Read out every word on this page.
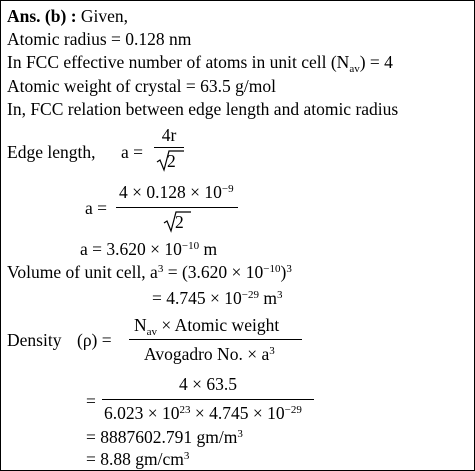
Ans. (b) : Given,
Atomic radius = 0.128 nm
In FCC effective number of atoms in unit cell $(N_{av}) = 4$
Atomic weight of crystal = 63.5 g/mol
In, FCC relation between edge length and atomic radius
Edge length, a =
4r
2
a =
$4 \times 0.128 \times 10^{-9}$
2
$a = 3.620 \times 10^{-10}$ m
Volume of unit cell, $a^3 = (3.620 \times 10^{-10})^3$
= $4.745 \times 10^{-29}$ $m^3$
Density (ρ) =
$N_{av}$ × Atomic weight
Avogadro No. × $a^3$
=
4 × 63.5
$6.023 \times 10^{23} \times 4.745 \times 10^{-29}$
= 8887602.791 $gm/m^3$
= 8.88 $gm/cm^3$
